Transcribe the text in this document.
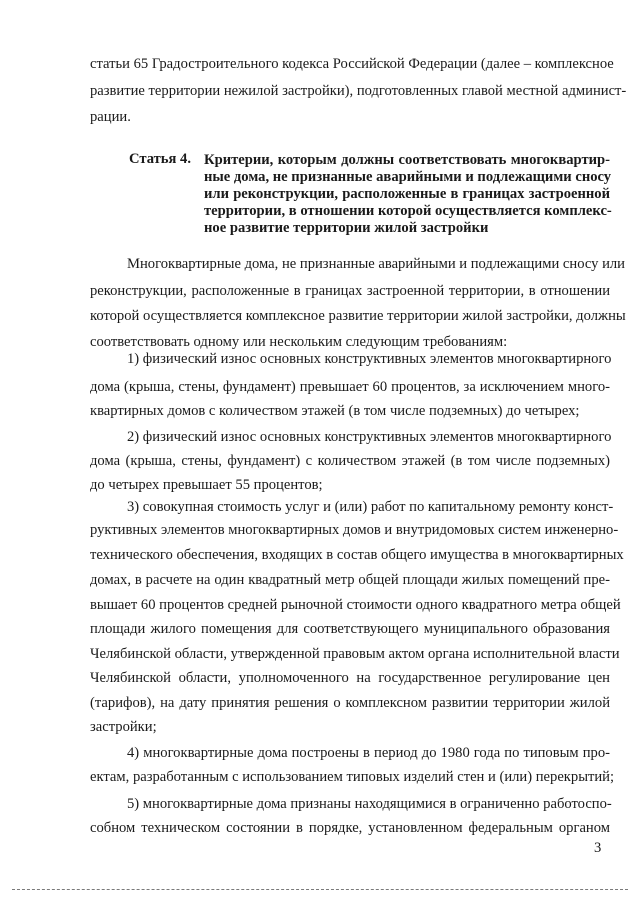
статьи 65 Градостроительного кодекса Российской Федерации (далее – комплексное
развитие территории нежилой застройки), подготовленных главой местной админист-
рации.
Статья 4. Критерии, которым должны соответствовать многоквартир-
ные дома, не признанные аварийными и подлежащими сносу
или реконструкции, расположенные в границах застроенной
территории, в отношении которой осуществляется комплекс-
ное развитие территории жилой застройки
Многоквартирные дома, не признанные аварийными и подлежащими сносу или
реконструкции, расположенные в границах застроенной территории, в отношении
которой осуществляется комплексное развитие территории жилой застройки, должны
соответствовать одному или нескольким следующим требованиям:
1) физический износ основных конструктивных элементов многоквартирного
дома (крыша, стены, фундамент) превышает 60 процентов, за исключением много-
квартирных домов с количеством этажей (в том числе подземных) до четырех;
2) физический износ основных конструктивных элементов многоквартирного
дома (крыша, стены, фундамент) с количеством этажей (в том числе подземных)
до четырех превышает 55 процентов;
3) совокупная стоимость услуг и (или) работ по капитальному ремонту конст-
руктивных элементов многоквартирных домов и внутридомовых систем инженерно-
технического обеспечения, входящих в состав общего имущества в многоквартирных
домах, в расчете на один квадратный метр общей площади жилых помещений пре-
вышает 60 процентов средней рыночной стоимости одного квадратного метра общей
площади жилого помещения для соответствующего муниципального образования
Челябинской области, утвержденной правовым актом органа исполнительной власти
Челябинской области, уполномоченного на государственное регулирование цен
(тарифов), на дату принятия решения о комплексном развитии территории жилой
застройки;
4) многоквартирные дома построены в период до 1980 года по типовым про-
ектам, разработанным с использованием типовых изделий стен и (или) перекрытий;
5) многоквартирные дома признаны находящимися в ограниченно работоспо-
собном техническом состоянии в порядке, установленном федеральным органом
3
